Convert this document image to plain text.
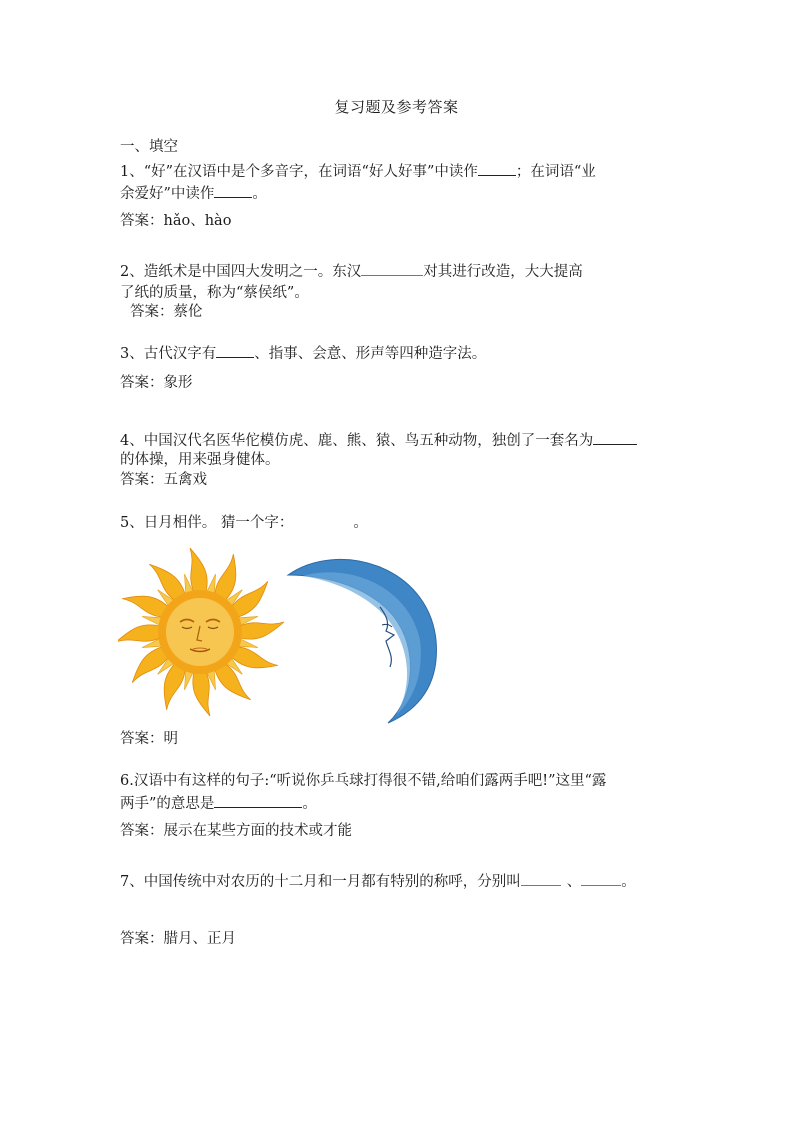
复习题及参考答案
一、填空
1、“好”在汉语中是个多音字，在词语“好人好事”中读作	；在词语“业
余爱好”中读作	。
答案：hǎo、hào
2、造纸术是中国四大发明之一。东汉	对其进行改造，大大提高
了纸的质量，称为“蔡侯纸”。
答案：蔡伦
3、古代汉字有	、指事、会意、形声等四种造字法。
答案：象形
4、中国汉代名医华佗模仿虎、鹿、熊、猿、鸟五种动物，独创了一套名为
的体操，用来强身健体。
答案：五禽戏
5、日月相伴。 猜一个字：	。
答案：明
6.汉语中有这样的句子:“听说你乒乓球打得很不错,给咱们露两手吧!”这里“露
两手”的意思是	。
答案：展示在某些方面的技术或才能
7、中国传统中对农历的十二月和一月都有特别的称呼，分别叫	、	。
答案：腊月、正月
